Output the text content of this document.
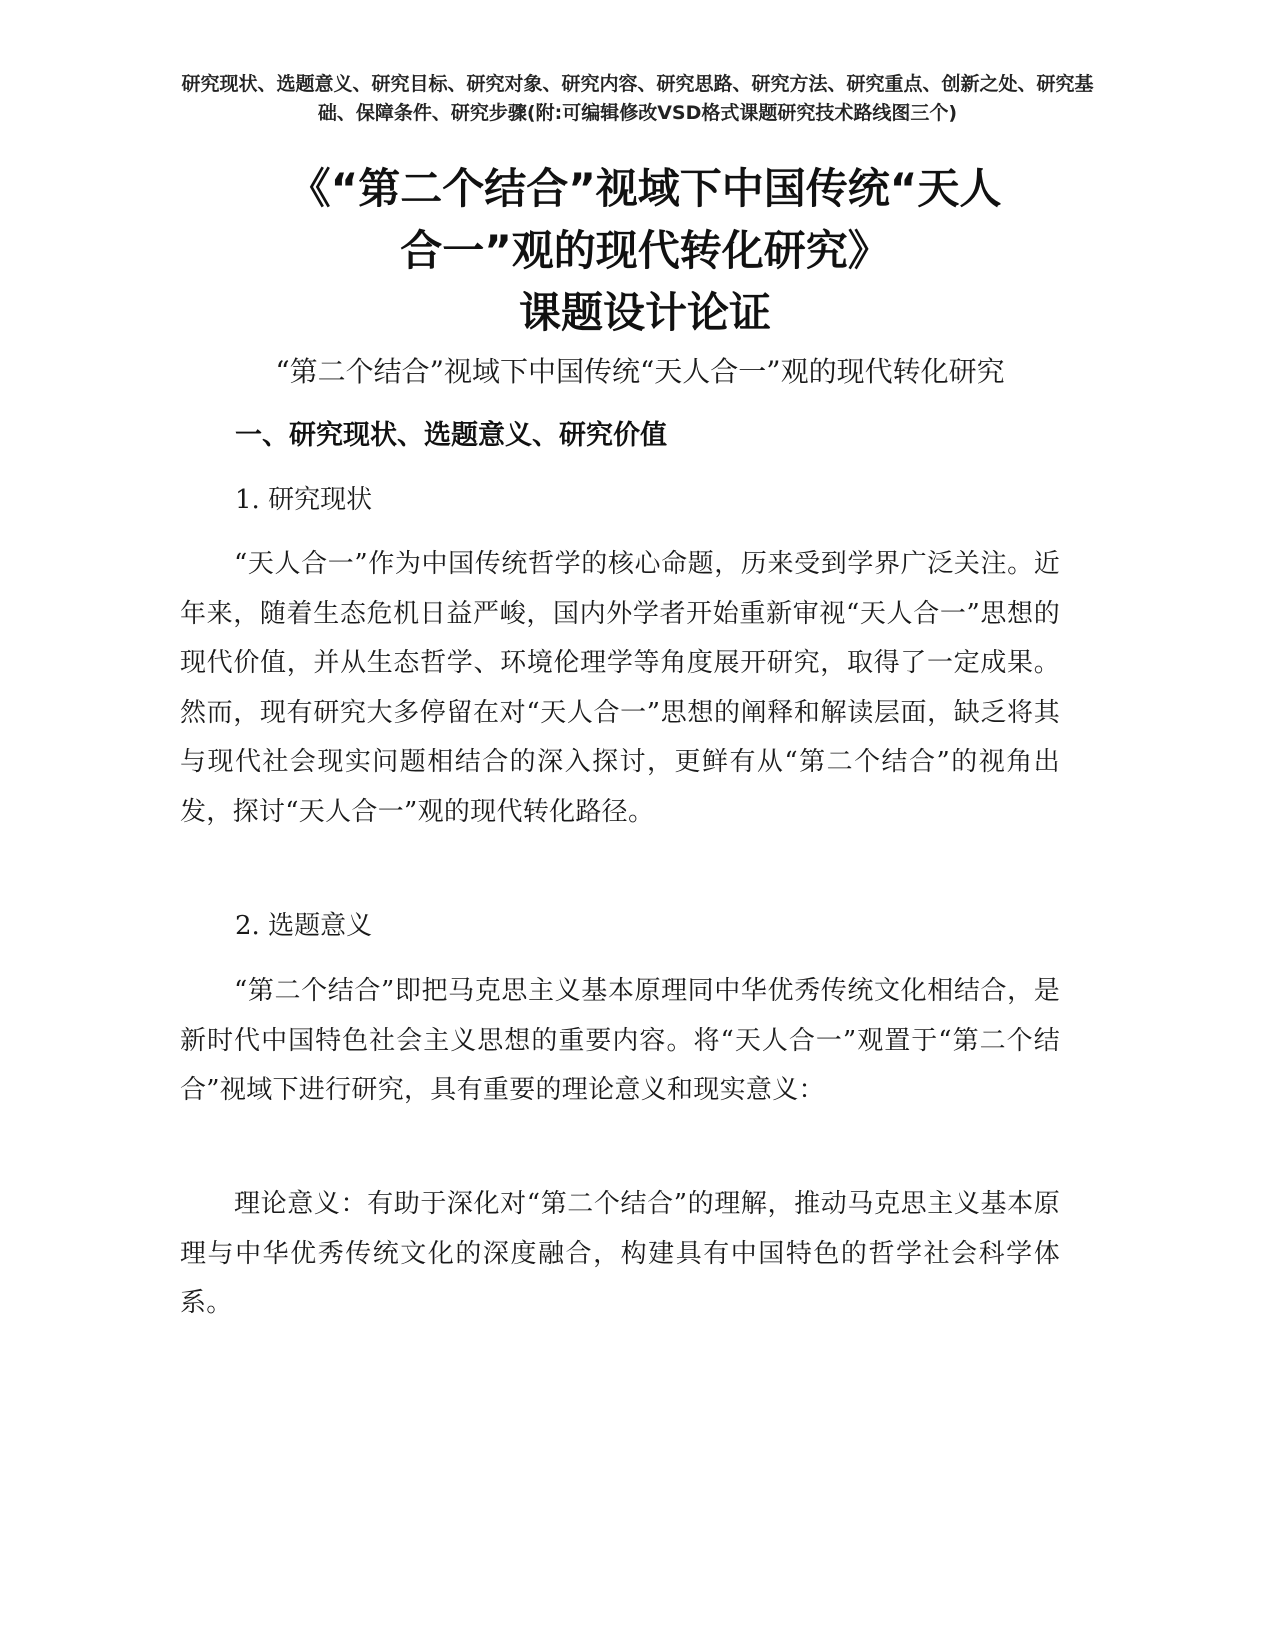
研究现状、选题意义、研究目标、研究对象、研究内容、研究思路、研究方法、研究重点、创新之处、研究基础、保障条件、研究步骤(附:可编辑修改VSD格式课题研究技术路线图三个)
《“第二个结合”视域下中国传统“天人
合一”观的现代转化研究》
课题设计论证
“第二个结合”视域下中国传统“天人合一”观的现代转化研究
一、研究现状、选题意义、研究价值
1. 研究现状

“天人合一”作为中国传统哲学的核心命题，历来受到学界广泛关注。近年来，随着生态危机日益严峻，国内外学者开始重新审视“天人合一”思想的现代价值，并从生态哲学、环境伦理学等角度展开研究，取得了一定成果。然而，现有研究大多停留在对“天人合一”思想的阐释和解读层面，缺乏将其与现代社会现实问题相结合的深入探讨，更鲜有从“第二个结合”的视角出发，探讨“天人合一”观的现代转化路径。

2. 选题意义

“第二个结合”即把马克思主义基本原理同中华优秀传统文化相结合，是新时代中国特色社会主义思想的重要内容。将“天人合一”观置于“第二个结合”视域下进行研究，具有重要的理论意义和现实意义：

理论意义：有助于深化对“第二个结合”的理解，推动马克思主义基本原理与中华优秀传统文化的深度融合，构建具有中国特色的哲学社会科学体系。
